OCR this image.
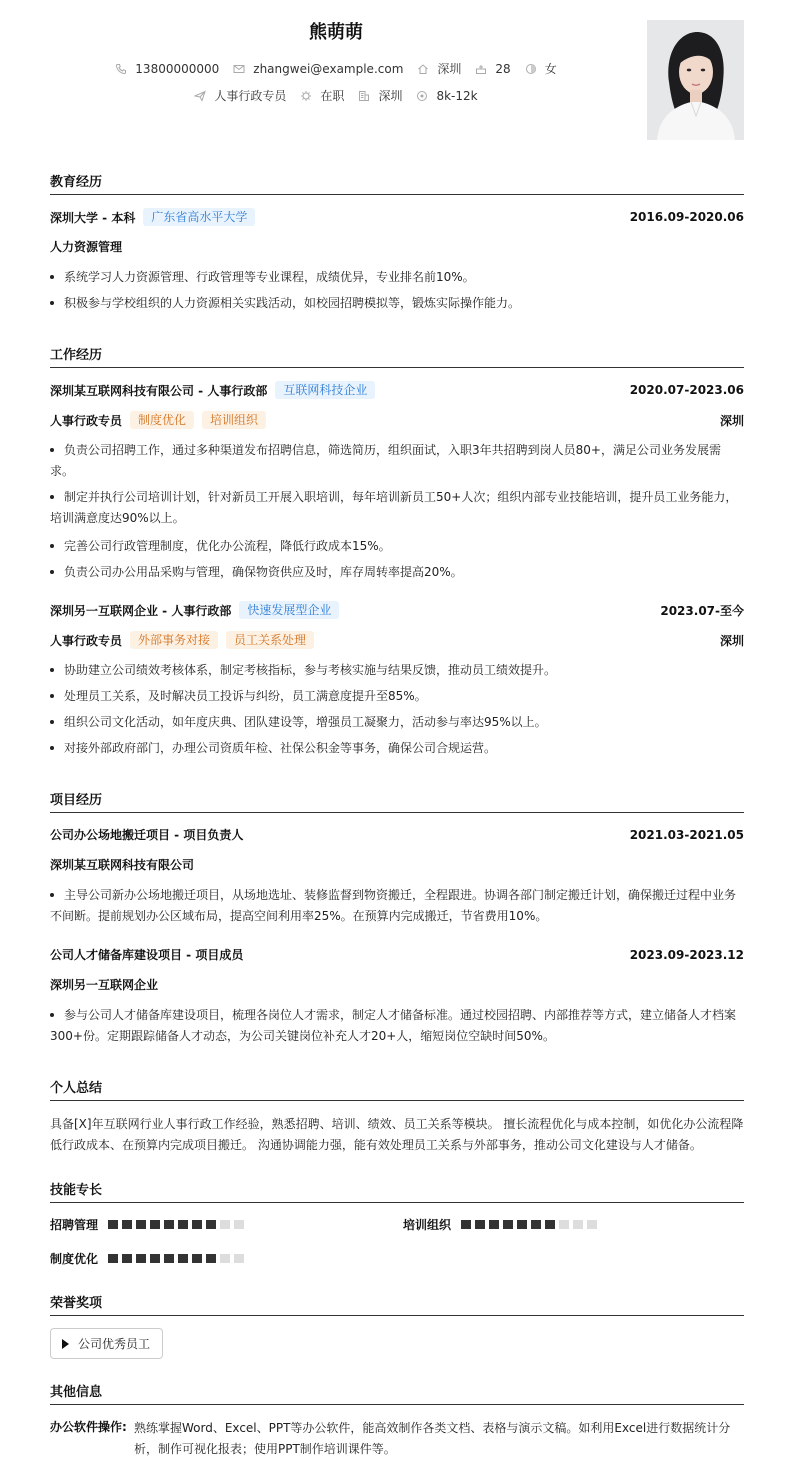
熊萌萌
13800000000	zhangwei@example.com	深圳	28	女
人事行政专员	在职	深圳	8k-12k
教育经历
深圳大学 - 本科	广东省高水平大学	2016.09-2020.06
人力资源管理
系统学习人力资源管理、行政管理等专业课程，成绩优异，专业排名前10%。
积极参与学校组织的人力资源相关实践活动，如校园招聘模拟等，锻炼实际操作能力。
工作经历
深圳某互联网科技有限公司 - 人事行政部	互联网科技企业	2020.07-2023.06
人事行政专员	制度优化	培训组织	深圳
负责公司招聘工作，通过多种渠道发布招聘信息，筛选简历，组织面试，入职3年共招聘到岗人员80+，满足公司业务发展需求。
制定并执行公司培训计划，针对新员工开展入职培训，每年培训新员工50+人次；组织内部专业技能培训，提升员工业务能力，培训满意度达90%以上。
完善公司行政管理制度，优化办公流程，降低行政成本15%。
负责公司办公用品采购与管理，确保物资供应及时，库存周转率提高20%。
深圳另一互联网企业 - 人事行政部	快速发展型企业	2023.07-至今
人事行政专员	外部事务对接	员工关系处理	深圳
协助建立公司绩效考核体系，制定考核指标，参与考核实施与结果反馈，推动员工绩效提升。
处理员工关系，及时解决员工投诉与纠纷，员工满意度提升至85%。
组织公司文化活动，如年度庆典、团队建设等，增强员工凝聚力，活动参与率达95%以上。
对接外部政府部门，办理公司资质年检、社保公积金等事务，确保公司合规运营。
项目经历
公司办公场地搬迁项目 - 项目负责人	2021.03-2021.05
深圳某互联网科技有限公司
主导公司新办公场地搬迁项目，从场地选址、装修监督到物资搬迁，全程跟进。协调各部门制定搬迁计划，确保搬迁过程中业务不间断。提前规划办公区域布局，提高空间利用率25%。在预算内完成搬迁，节省费用10%。
公司人才储备库建设项目 - 项目成员	2023.09-2023.12
深圳另一互联网企业
参与公司人才储备库建设项目，梳理各岗位人才需求，制定人才储备标准。通过校园招聘、内部推荐等方式，建立储备人才档案300+份。定期跟踪储备人才动态，为公司关键岗位补充人才20+人，缩短岗位空缺时间50%。
个人总结
具备[X]年互联网行业人事行政工作经验，熟悉招聘、培训、绩效、员工关系等模块。 擅长流程优化与成本控制，如优化办公流程降低行政成本、在预算内完成项目搬迁。 沟通协调能力强，能有效处理员工关系与外部事务，推动公司文化建设与人才储备。
技能专长
招聘管理	培训组织
制度优化
荣誉奖项
公司优秀员工
其他信息
办公软件操作: 熟练掌握Word、Excel、PPT等办公软件，能高效制作各类文档、表格与演示文稿。如利用Excel进行数据统计分析，制作可视化报表；使用PPT制作培训课件等。
